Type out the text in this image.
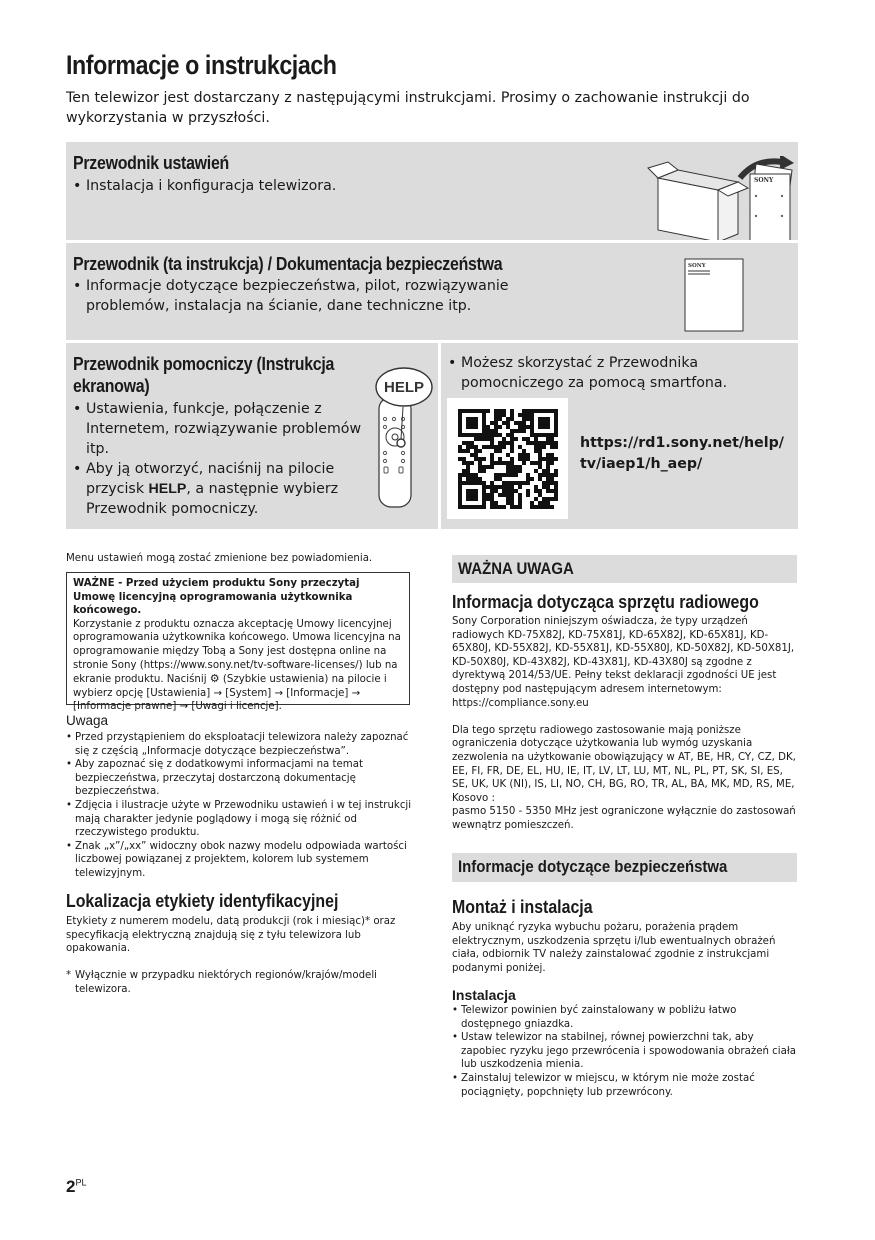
Informacje o instrukcjach
Ten telewizor jest dostarczany z następującymi instrukcjami. Prosimy o zachowanie instrukcji do wykorzystania w przyszłości.
Przewodnik ustawień
• Instalacja i konfiguracja telewizora.	SONY
Przewodnik (ta instrukcja) / Dokumentacja bezpieczeństwa
• Informacje dotyczące bezpieczeństwa, pilot, rozwiązywanie problemów, instalacja na ścianie, dane techniczne itp.
SONY
Przewodnik pomocniczy (Instrukcja
ekranowa)
• Ustawienia, funkcje, połączenie z Internetem, rozwiązywanie problemów itp.
• Aby ją otworzyć, naciśnij na pilocie przycisk HELP, a następnie wybierz Przewodnik pomocniczy.
HELP
• Możesz skorzystać z Przewodnika pomocniczego za pomocą smartfona.
https://rd1.sony.net/help/
tv/iaep1/h_aep/
Menu ustawień mogą zostać zmienione bez powiadomienia.
WAŻNE - Przed użyciem produktu Sony przeczytaj Umowę licencyjną oprogramowania użytkownika końcowego.
Korzystanie z produktu oznacza akceptację Umowy licencyjnej oprogramowania użytkownika końcowego. Umowa licencyjna na oprogramowanie między Tobą a Sony jest dostępna online na stronie Sony (https://www.sony.net/tv-software-licenses/) lub na ekranie produktu. Naciśnij ⚙ (Szybkie ustawienia) na pilocie i wybierz opcję [Ustawienia] → [System] → [Informacje] → [Informacje prawne] → [Uwagi i licencje].
Uwaga
• Przed przystąpieniem do eksploatacji telewizora należy zapoznać się z częścią „Informacje dotyczące bezpieczeństwa”.
• Aby zapoznać się z dodatkowymi informacjami na temat bezpieczeństwa, przeczytaj dostarczoną dokumentację bezpieczeństwa.
• Zdjęcia i ilustracje użyte w Przewodniku ustawień i w tej instrukcji mają charakter jedynie poglądowy i mogą się różnić od rzeczywistego produktu.
• Znak „x”/„xx” widoczny obok nazwy modelu odpowiada wartości liczbowej powiązanej z projektem, kolorem lub systemem telewizyjnym.
Lokalizacja etykiety identyfikacyjnej
Etykiety z numerem modelu, datą produkcji (rok i miesiąc)* oraz specyfikacją elektryczną znajdują się z tyłu telewizora lub opakowania.
* Wyłącznie w przypadku niektórych regionów/krajów/modeli telewizora.
WAŻNA UWAGA
Informacja dotycząca sprzętu radiowego
Sony Corporation niniejszym oświadcza, że typy urządzeń radiowych KD-75X82J, KD-75X81J, KD-65X82J, KD-65X81J, KD-65X80J, KD-55X82J, KD-55X81J, KD-55X80J, KD-50X82J, KD-50X81J, KD-50X80J, KD-43X82J, KD-43X81J, KD-43X80J są zgodne z dyrektywą 2014/53/UE. Pełny tekst deklaracji zgodności UE jest dostępny pod następującym adresem internetowym: https://compliance.sony.eu
Dla tego sprzętu radiowego zastosowanie mają poniższe ograniczenia dotyczące użytkowania lub wymóg uzyskania zezwolenia na użytkowanie obowiązujący w AT, BE, HR, CY, CZ, DK, EE, FI, FR, DE, EL, HU, IE, IT, LV, LT, LU, MT, NL, PL, PT, SK, SI, ES, SE, UK, UK (NI), IS, LI, NO, CH, BG, RO, TR, AL, BA, MK, MD, RS, ME, Kosovo :
pasmo 5150 - 5350 MHz jest ograniczone wyłącznie do zastosowań wewnątrz pomieszczeń.
Informacje dotyczące bezpieczeństwa
Montaż i instalacja
Aby uniknąć ryzyka wybuchu pożaru, porażenia prądem elektrycznym, uszkodzenia sprzętu i/lub ewentualnych obrażeń ciała, odbiornik TV należy zainstalować zgodnie z instrukcjami podanymi poniżej.
Instalacja
• Telewizor powinien być zainstalowany w pobliżu łatwo dostępnego gniazdka.
• Ustaw telewizor na stabilnej, równej powierzchni tak, aby zapobiec ryzyku jego przewrócenia i spowodowania obrażeń ciała lub uszkodzenia mienia.
• Zainstaluj telewizor w miejscu, w którym nie może zostać pociągnięty, popchnięty lub przewrócony.
$2^{PL}$
